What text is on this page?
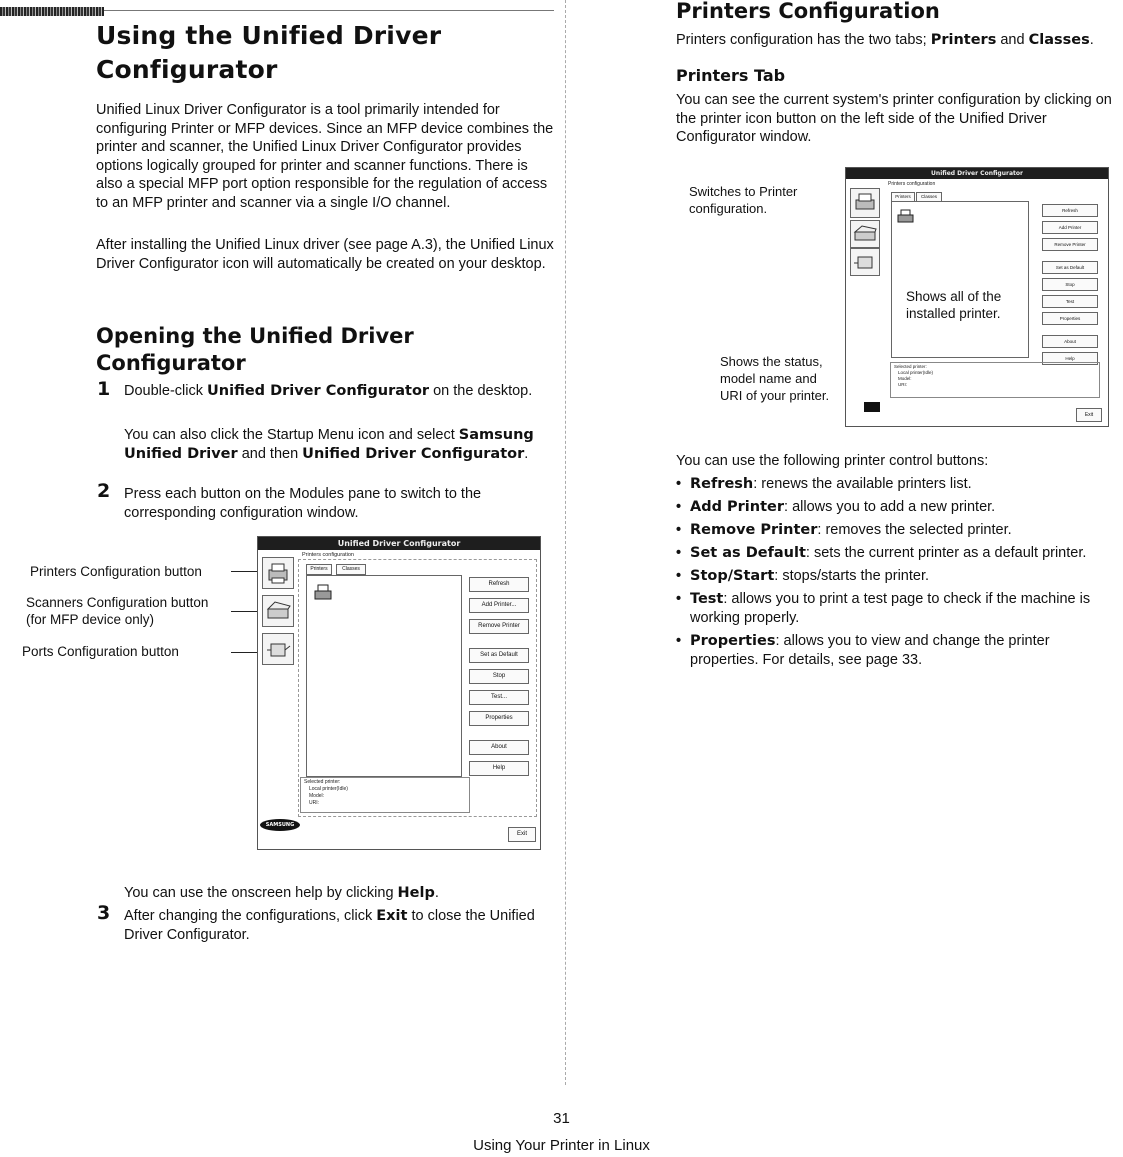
Using the Unified Driver
Configurator
Unified Linux Driver Configurator is a tool primarily intended for configuring Printer or MFP devices. Since an MFP device combines the printer and scanner, the Unified Linux Driver Configurator provides options logically grouped for printer and scanner functions. There is also a special MFP port option responsible for the regulation of access to an MFP printer and scanner via a single I/O channel.
After installing the Unified Linux driver (see page A.3), the Unified Linux Driver Configurator icon will automatically be created on your desktop.
Opening the Unified Driver
Configurator
1 Double-click Unified Driver Configurator on the desktop.
You can also click the Startup Menu icon and select Samsung Unified Driver and then Unified Driver Configurator.
2 Press each button on the Modules pane to switch to the corresponding configuration window.
Printers Configuration button
Scanners Configuration button
(for MFP device only)
Ports Configuration button
Unified Driver Configurator
Printers configuration
Printers	Classes
Refresh
Add Printer...
Remove Printer
Set as Default
Stop
Test...
Properties
About
Help
Selected printer:
Local printer(Idle)
Model:
URI:
SAMSUNG
Exit
You can use the onscreen help by clicking Help.
3 After changing the configurations, click Exit to close the Unified Driver Configurator.
Printers Configuration
Printers configuration has the two tabs; Printers and Classes.
Printers Tab
You can see the current system's printer configuration by clicking on the printer icon button on the left side of the Unified Driver Configurator window.
Switches to Printer
configuration.
Shows the status,
model name and
URI of your printer.
Unified Driver Configurator
Printers configuration
Printers	Classes
Shows all of the
installed printer.
Refresh
Add Printer
Remove Printer
Set as Default
Stop
Test
Properties
About
Help
Selected printer:
Local printer(Idle)
Model:
URI:
Exit
You can use the following printer control buttons:
• Refresh: renews the available printers list.
• Add Printer: allows you to add a new printer.
• Remove Printer: removes the selected printer.
• Set as Default: sets the current printer as a default printer.
• Stop/Start: stops/starts the printer.
• Test: allows you to print a test page to check if the machine is working properly.
• Properties: allows you to view and change the printer properties. For details, see page 33.
31
Using Your Printer in Linux
